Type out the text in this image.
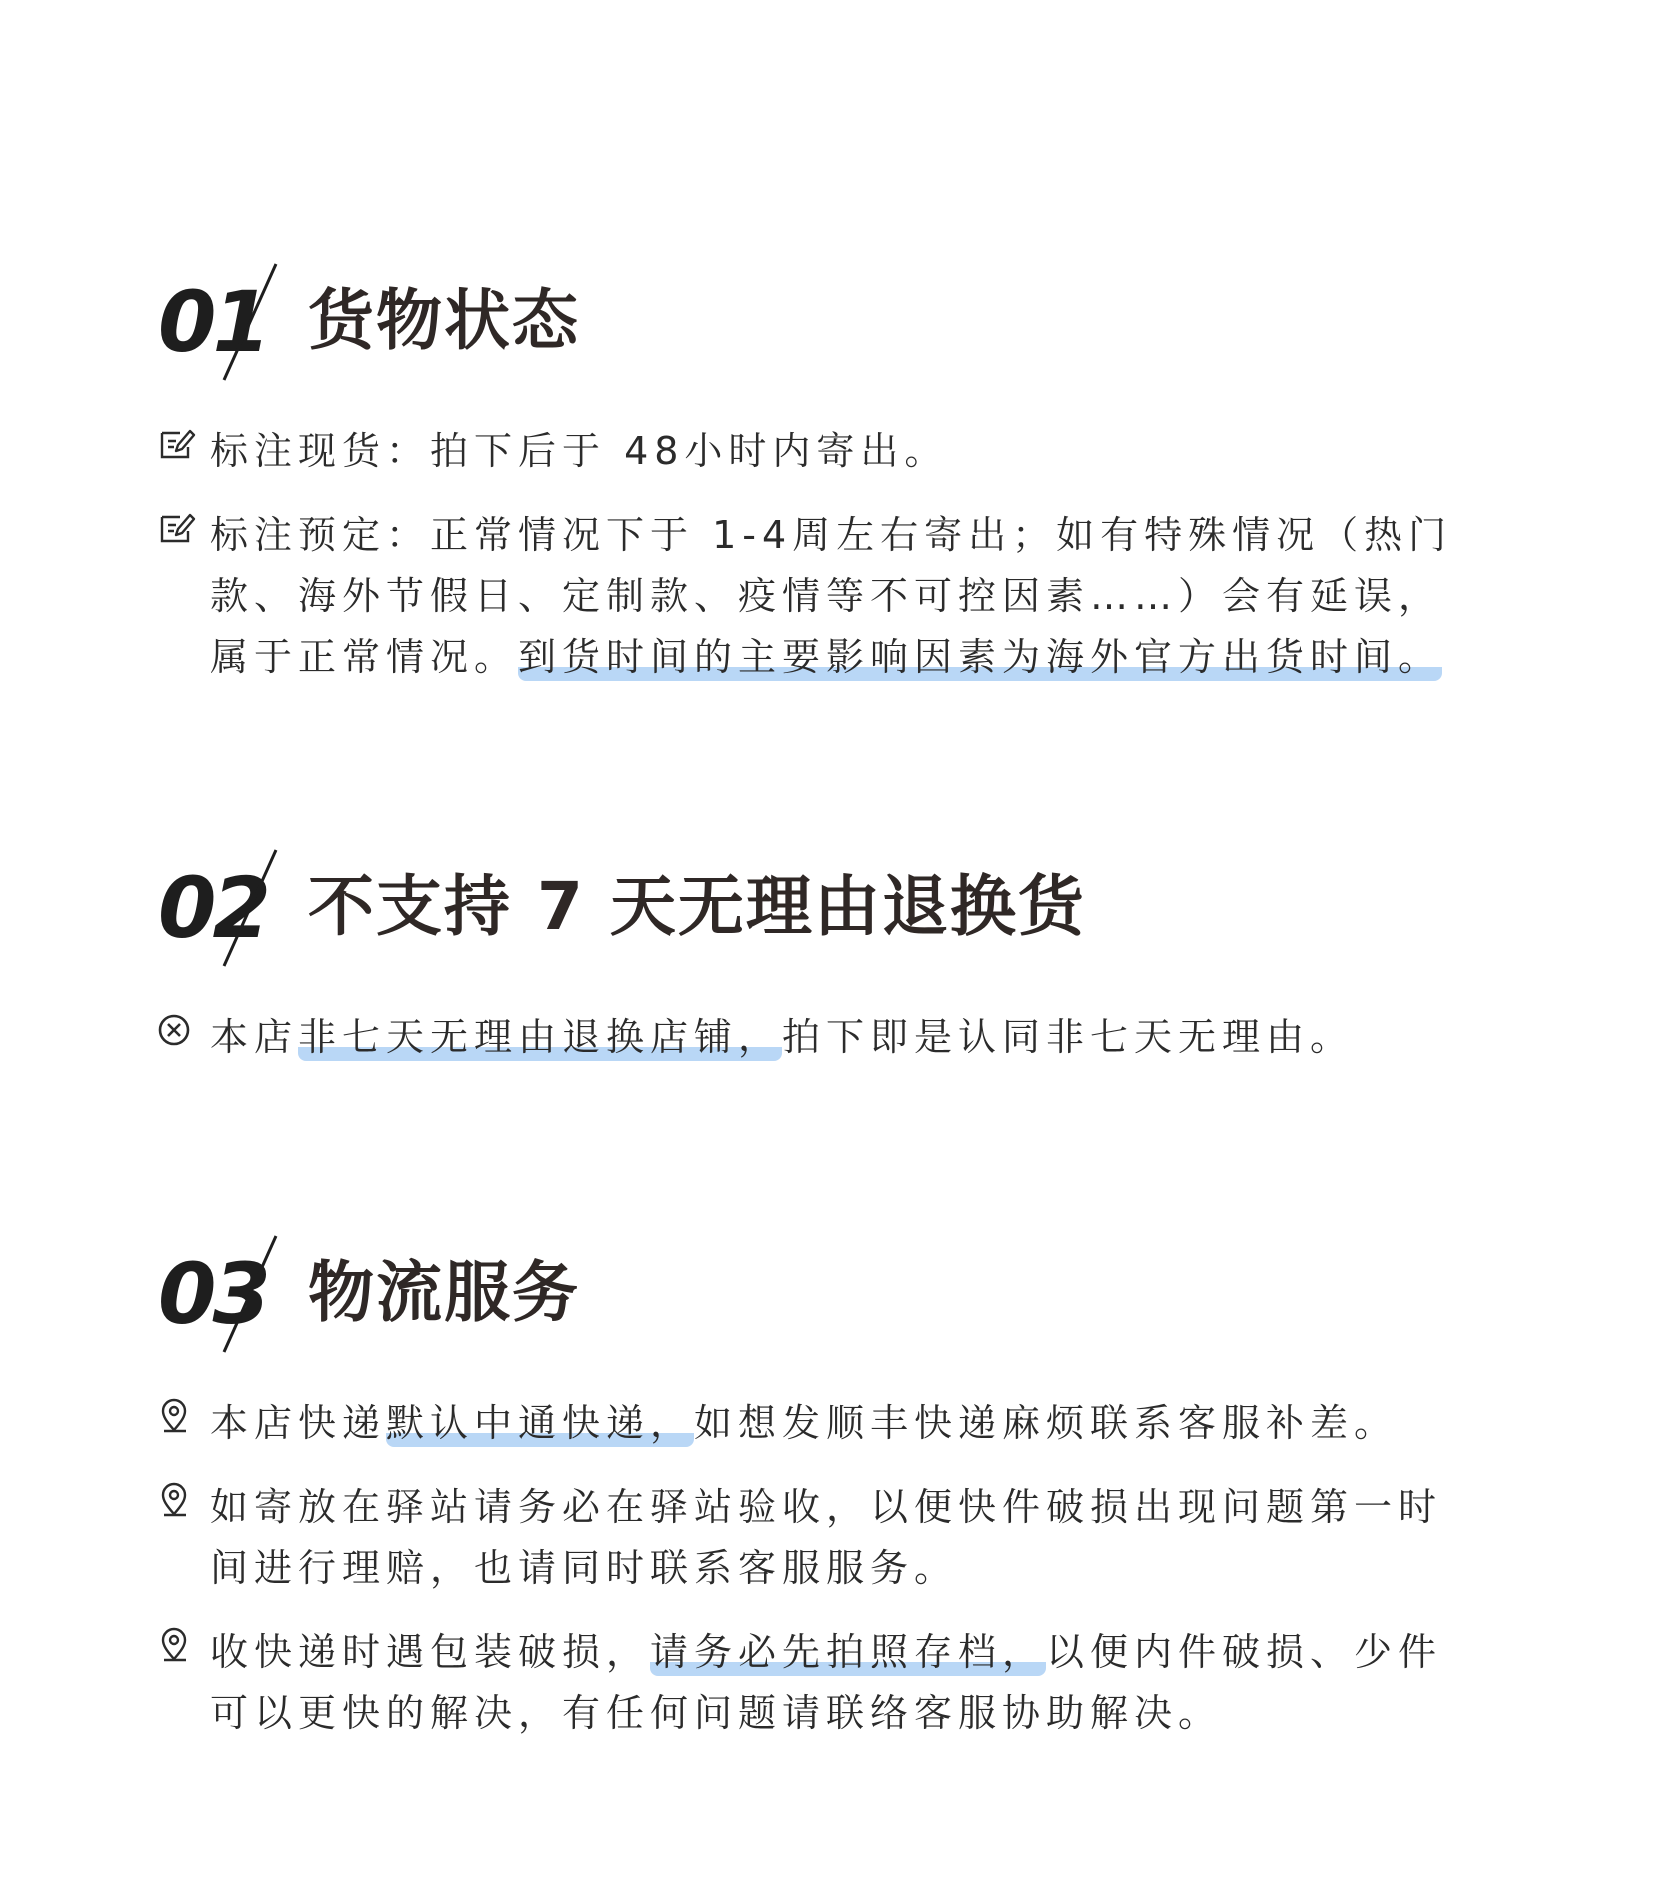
01 货物状态
标注现货：拍下后于 48小时内寄出。
标注预定：正常情况下于 1-4周左右寄出；如有特殊情况（热门款、海外节假日、定制款、疫情等不可控因素……）会有延误，属于正常情况。到货时间的主要影响因素为海外官方出货时间。
02 不支持 7 天无理由退换货
本店非七天无理由退换店铺，拍下即是认同非七天无理由。
03 物流服务
本店快递默认中通快递，如想发顺丰快递麻烦联系客服补差。
如寄放在驿站请务必在驿站验收，以便快件破损出现问题第一时间进行理赔，也请同时联系客服服务。
收快递时遇包装破损，请务必先拍照存档，以便内件破损、少件可以更快的解决，有任何问题请联络客服协助解决。
